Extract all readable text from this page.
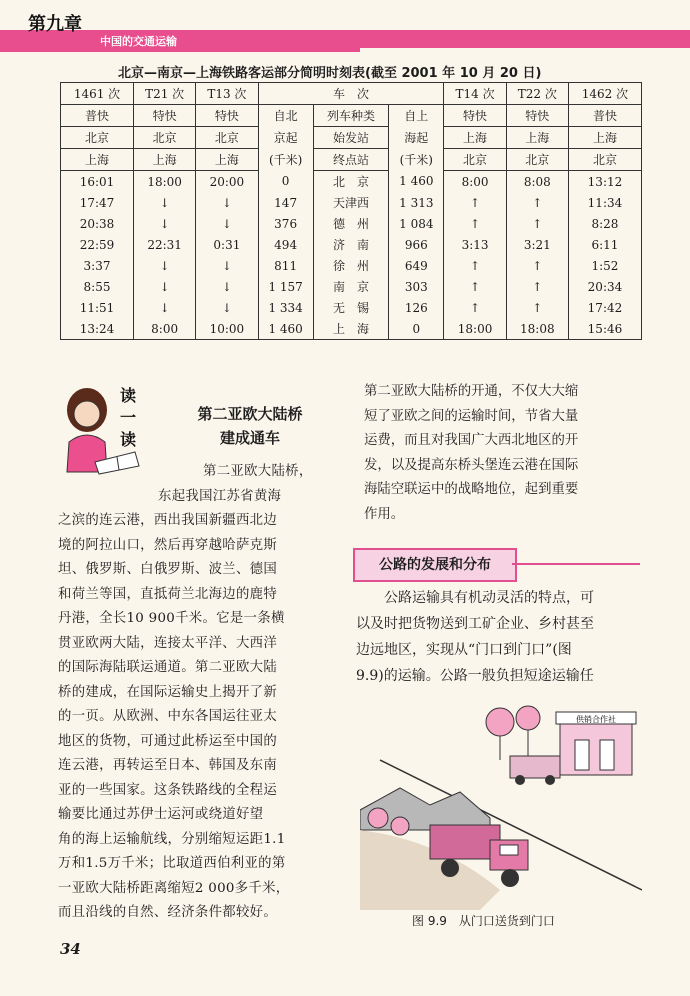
第九章
中国的交通运输
北京—南京—上海铁路客运部分简明时刻表(截至 2001 年 10 月 20 日)
1461 次	T21 次	T13 次	车　次			T14 次	T22 次	1462 次
普快	特快	特快	自北	列车种类	自上	特快	特快	普快
北京	北京	北京	京起	始发站	海起	上海	上海	上海
上海	上海	上海	(千米)	终点站	(千米)	北京	北京	北京
16:01	18:00	20:00	0	北　京	1 460	8:00	8:08	13:12
17:47	↓	↓	147	天津西	1 313	↑	↑	11:34
20:38	↓	↓	376	德　州	1 084	↑	↑	8:28
22:59	22:31	0:31	494	济　南	966	3:13	3:21	6:11
3:37	↓	↓	811	徐　州	649	↑	↑	1:52
8:55	↓	↓	1 157	南　京	303	↑	↑	20:34
11:51	↓	↓	1 334	无　锡	126	↑	↑	17:42
13:24	8:00	10:00	1 460	上　海	0	18:00	18:08	15:46
读一读
第二亚欧大陆桥
建成通车

第二亚欧大陆桥，

东起我国江苏省黄海

之滨的连云港，西出我国新疆西北边

境的阿拉山口，然后再穿越哈萨克斯

坦、俄罗斯、白俄罗斯、波兰、德国

和荷兰等国，直抵荷兰北海边的鹿特

丹港，全长10 900千米。它是一条横

贯亚欧两大陆，连接太平洋、大西洋

的国际海陆联运通道。第二亚欧大陆

桥的建成，在国际运输史上揭开了新

的一页。从欧洲、中东各国运往亚太

地区的货物，可通过此桥运至中国的

连云港，再转运至日本、韩国及东南

亚的一些国家。这条铁路线的全程运

输要比通过苏伊士运河或绕道好望

角的海上运输航线，分别缩短运距1.1

万和1.5万千米；比取道西伯利亚的第

一亚欧大陆桥距离缩短2 000多千米，

而且沿线的自然、经济条件都较好。

第二亚欧大陆桥的开通，不仅大大缩

短了亚欧之间的运输时间，节省大量

运费，而且对我国广大西北地区的开

发，以及提高东桥头堡连云港在国际

海陆空联运中的战略地位，起到重要

作用。

公路的发展和分布

　　公路运输具有机动灵活的特点，可

以及时把货物送到工矿企业、乡村甚至

边远地区，实现从“门口到门口”(图

9.9)的运输。公路一般负担短途运输任

供销合作社
图 9.9　从门口送货到门口
34
